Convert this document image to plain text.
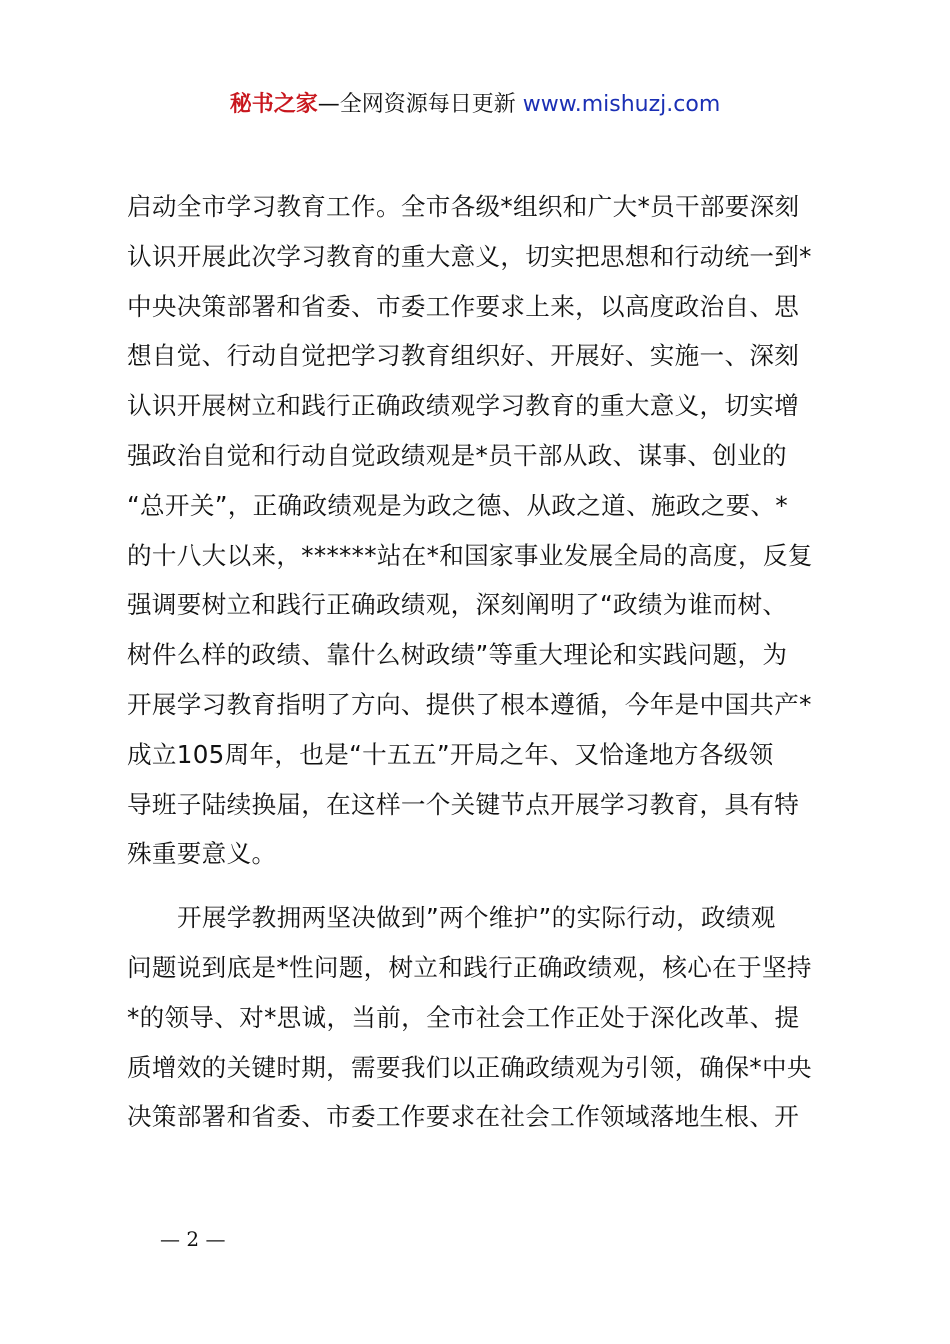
秘书之家—全网资源每日更新 www.mishuzj.com
启动全市学习教育工作。全市各级*组织和广大*员干部要深刻
认识开展此次学习教育的重大意义，切实把思想和行动统一到*
中央决策部署和省委、市委工作要求上来，以高度政治自、思
想自觉、行动自觉把学习教育组织好、开展好、实施一、深刻
认识开展树立和践行正确政绩观学习教育的重大意义，切实增
强政治自觉和行动自觉政绩观是*员干部从政、谋事、创业的
“总开关”，正确政绩观是为政之德、从政之道、施政之要、*
的十八大以来，******站在*和国家事业发展全局的高度，反复
强调要树立和践行正确政绩观，深刻阐明了“政绩为谁而树、
树件么样的政绩、靠什么树政绩”等重大理论和实践问题，为
开展学习教育指明了方向、提供了根本遵循，今年是中国共产*
成立105周年，也是“十五五”开局之年、又恰逢地方各级领
导班子陆续换届，在这样一个关键节点开展学习教育，具有特
殊重要意义。
开展学教拥两坚决做到”两个维护”的实际行动，政绩观
问题说到底是*性问题，树立和践行正确政绩观，核心在于坚持
*的领导、对*思诚，当前，全市社会工作正处于深化改革、提
质增效的关键时期，需要我们以正确政绩观为引领，确保*中央
决策部署和省委、市委工作要求在社会工作领域落地生根、开
— 2 —
